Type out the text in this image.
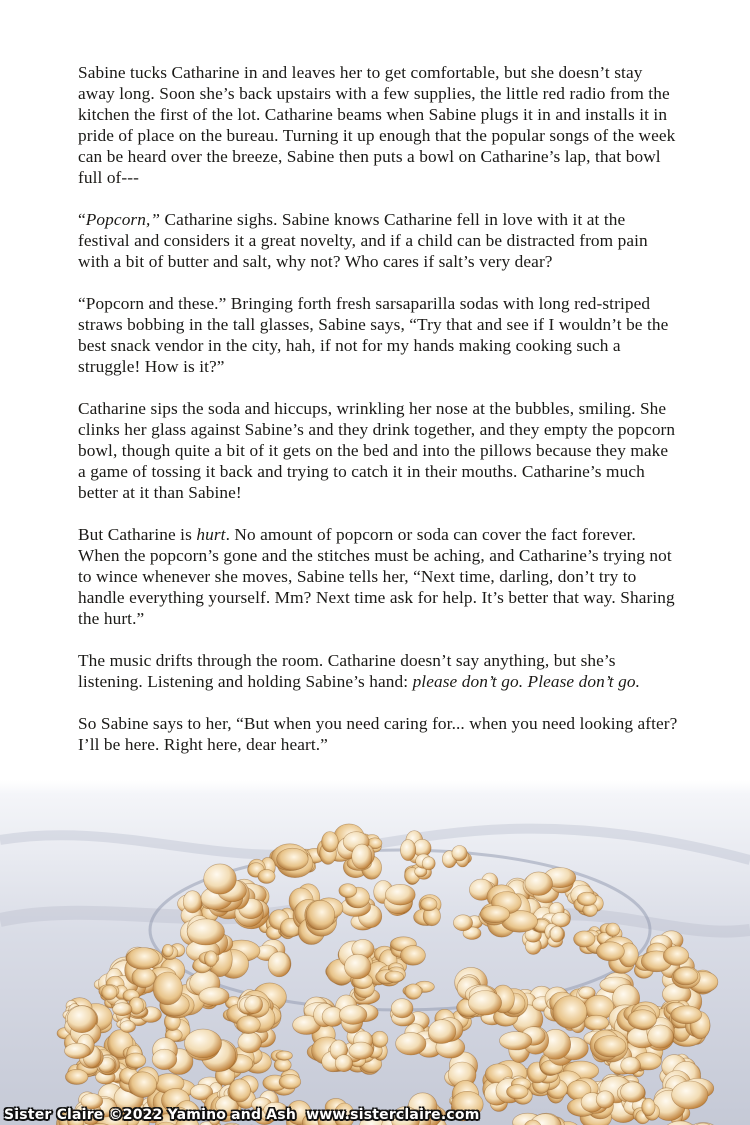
Sabine tucks Catharine in and leaves her to get comfortable, but she doesn’t stay away long. Soon she’s back upstairs with a few supplies, the little red radio from the kitchen the first of the lot. Catharine beams when Sabine plugs it in and installs it in pride of place on the bureau. Turning it up enough that the popular songs of the week can be heard over the breeze, Sabine then puts a bowl on Catharine’s lap, that bowl full of---

“Popcorn,” Catharine sighs. Sabine knows Catharine fell in love with it at the festival and considers it a great novelty, and if a child can be distracted from pain with a bit of butter and salt, why not? Who cares if salt’s very dear?

“Popcorn and these.” Bringing forth fresh sarsaparilla sodas with long red-striped straws bobbing in the tall glasses, Sabine says, “Try that and see if I wouldn’t be the best snack vendor in the city, hah, if not for my hands making cooking such a struggle! How is it?”

Catharine sips the soda and hiccups, wrinkling her nose at the bubbles, smiling. She clinks her glass against Sabine’s and they drink together, and they empty the popcorn bowl, though quite a bit of it gets on the bed and into the pillows because they make a game of tossing it back and trying to catch it in their mouths. Catharine’s much better at it than Sabine!

But Catharine is hurt. No amount of popcorn or soda can cover the fact forever. When the popcorn’s gone and the stitches must be aching, and Catharine’s trying not to wince whenever she moves, Sabine tells her, “Next time, darling, don’t try to handle everything yourself. Mm? Next time ask for help. It’s better that way. Sharing the hurt.”

The music drifts through the room. Catharine doesn’t say anything, but she’s listening. Listening and holding Sabine’s hand: please don’t go. Please don’t go.

So Sabine says to her, “But when you need caring for... when you need looking after? I’ll be here. Right here, dear heart.”

Sister Claire ©2022 Yamino and Ash  www.sisterclaire.com
